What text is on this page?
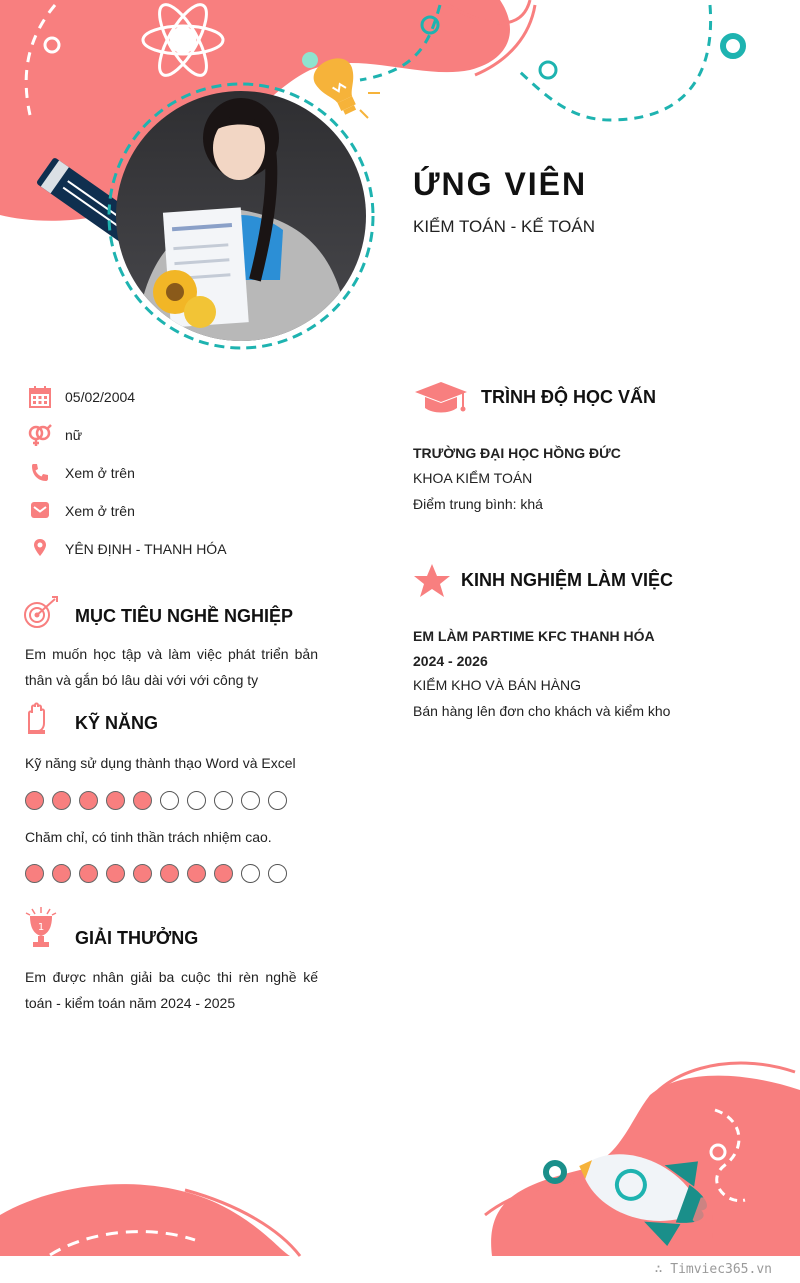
ỨNG VIÊN
KIỂM TOÁN - KẾ TOÁN
05/02/2004
nữ
Xem ở trên
Xem ở trên
YÊN ĐỊNH - THANH HÓA
MỤC TIÊU NGHỀ NGHIỆP
Em muốn học tập và làm việc phát triển bản
thân và gắn bó lâu dài với với công ty
KỸ NĂNG
Kỹ năng sử dụng thành thạo Word và Excel
Chăm chỉ, có tinh thần trách nhiệm cao.
1
GIẢI THƯỞNG
Em được nhân giải ba cuộc thi rèn nghề kế
toán - kiểm toán năm 2024 - 2025
TRÌNH ĐỘ HỌC VẤN
TRƯỜNG ĐẠI HỌC HỒNG ĐỨC
KHOA KIỂM TOÁN
Điểm trung bình: khá
KINH NGHIỆM LÀM VIỆC
EM LÀM PARTIME KFC THANH HÓA
2024 - 2026
KIỂM KHO VÀ BÁN HÀNG
Bán hàng lên đơn cho khách và kiểm kho
∴ Timviec365.vn
